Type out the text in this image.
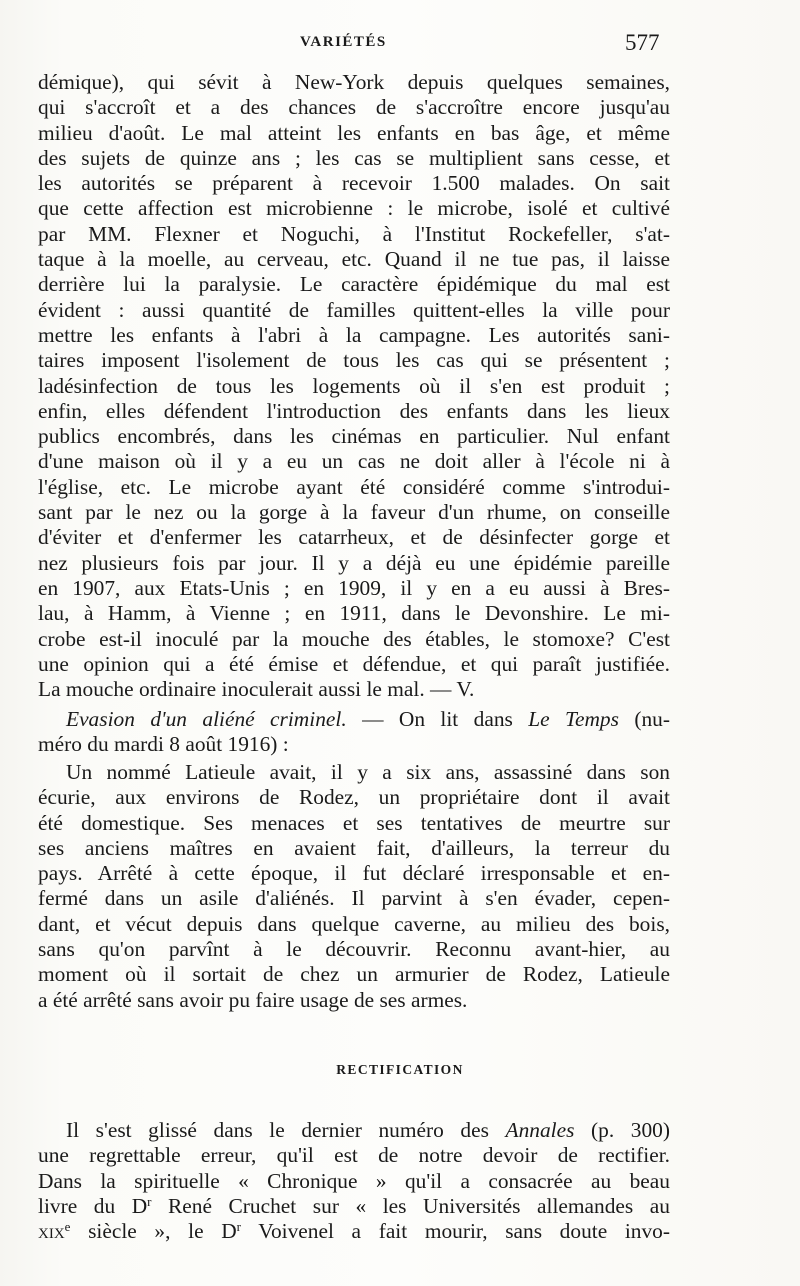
VARIÉTÉS	577
démique), qui sévit à New-York depuis quelques semaines,
qui s'accroît et a des chances de s'accroître encore jusqu'au
milieu d'août. Le mal atteint les enfants en bas âge, et même
des sujets de quinze ans ; les cas se multiplient sans cesse, et
les autorités se préparent à recevoir 1.500 malades. On sait
que cette affection est microbienne : le microbe, isolé et cultivé
par MM. Flexner et Noguchi, à l'Institut Rockefeller, s'at-
taque à la moelle, au cerveau, etc. Quand il ne tue pas, il laisse
derrière lui la paralysie. Le caractère épidémique du mal est
évident : aussi quantité de familles quittent-elles la ville pour
mettre les enfants à l'abri à la campagne. Les autorités sani-
taires imposent l'isolement de tous les cas qui se présentent ;
ladésinfection de tous les logements où il s'en est produit ;
enfin, elles défendent l'introduction des enfants dans les lieux
publics encombrés, dans les cinémas en particulier. Nul enfant
d'une maison où il y a eu un cas ne doit aller à l'école ni à
l'église, etc. Le microbe ayant été considéré comme s'introdui-
sant par le nez ou la gorge à la faveur d'un rhume, on conseille
d'éviter et d'enfermer les catarrheux, et de désinfecter gorge et
nez plusieurs fois par jour. Il y a déjà eu une épidémie pareille
en 1907, aux Etats-Unis ; en 1909, il y en a eu aussi à Bres-
lau, à Hamm, à Vienne ; en 1911, dans le Devonshire. Le mi-
crobe est-il inoculé par la mouche des étables, le stomoxe? C'est
une opinion qui a été émise et défendue, et qui paraît justifiée.
La mouche ordinaire inoculerait aussi le mal. — V.
Evasion d'un aliéné criminel. — On lit dans Le Temps (nu-
méro du mardi 8 août 1916) :
Un nommé Latieule avait, il y a six ans, assassiné dans son
écurie, aux environs de Rodez, un propriétaire dont il avait
été domestique. Ses menaces et ses tentatives de meurtre sur
ses anciens maîtres en avaient fait, d'ailleurs, la terreur du
pays. Arrêté à cette époque, il fut déclaré irresponsable et en-
fermé dans un asile d'aliénés. Il parvint à s'en évader, cepen-
dant, et vécut depuis dans quelque caverne, au milieu des bois,
sans qu'on parvînt à le découvrir. Reconnu avant-hier, au
moment où il sortait de chez un armurier de Rodez, Latieule
a été arrêté sans avoir pu faire usage de ses armes.
RECTIFICATION
Il s'est glissé dans le dernier numéro des Annales (p. 300)
une regrettable erreur, qu'il est de notre devoir de rectifier.
Dans la spirituelle « Chronique » qu'il a consacrée au beau
livre du $D^r$ René Cruchet sur « les Universités allemandes au
xix$^e$ siècle », le $D^r$ Voivenel a fait mourir, sans doute invo-
